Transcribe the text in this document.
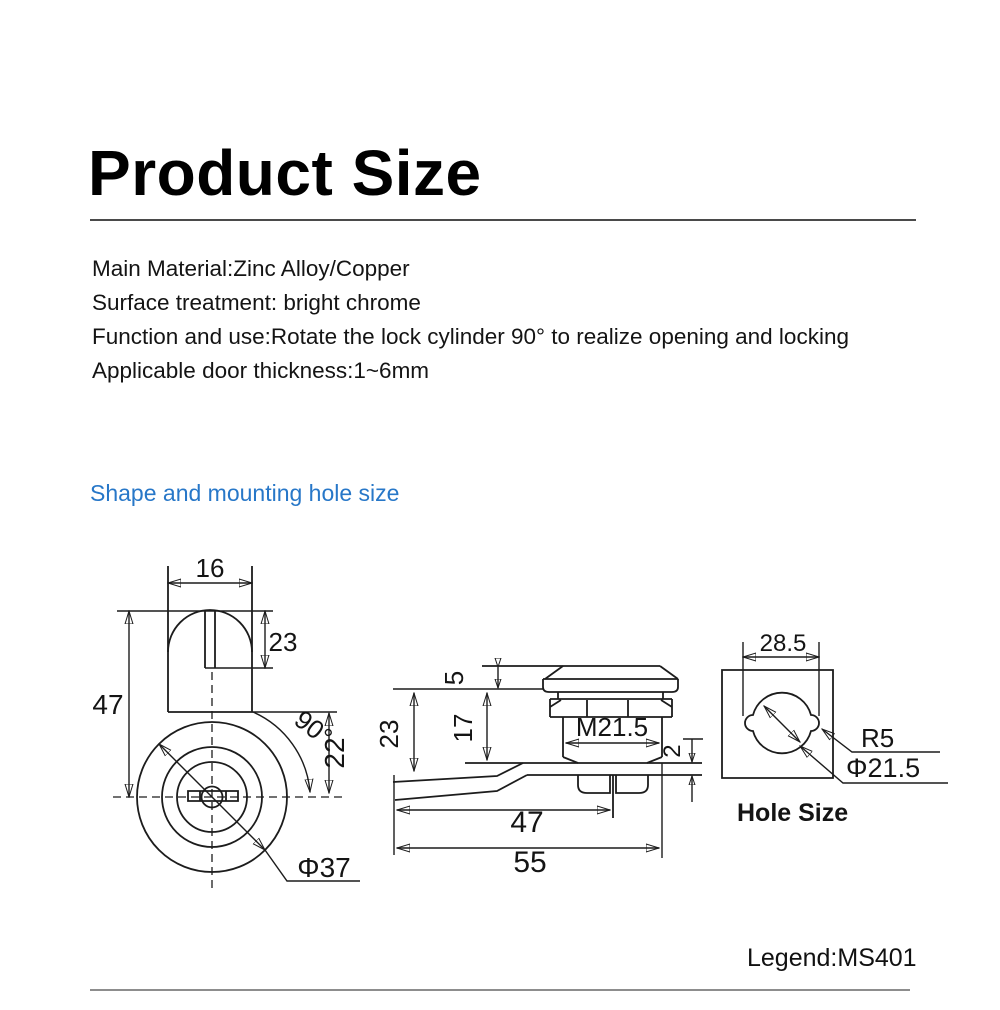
Product Size
Main Material:Zinc Alloy/Copper
Surface treatment: bright chrome
Function and use:Rotate the lock cylinder 90° to realize opening and locking
Applicable door thickness:1~6mm
Shape and mounting hole size
16
23
47	90°
22
Φ37
5
17
23	M21.5
2
47
55
28.5
R5
Φ21.5
Hole Size
Legend:MS401
